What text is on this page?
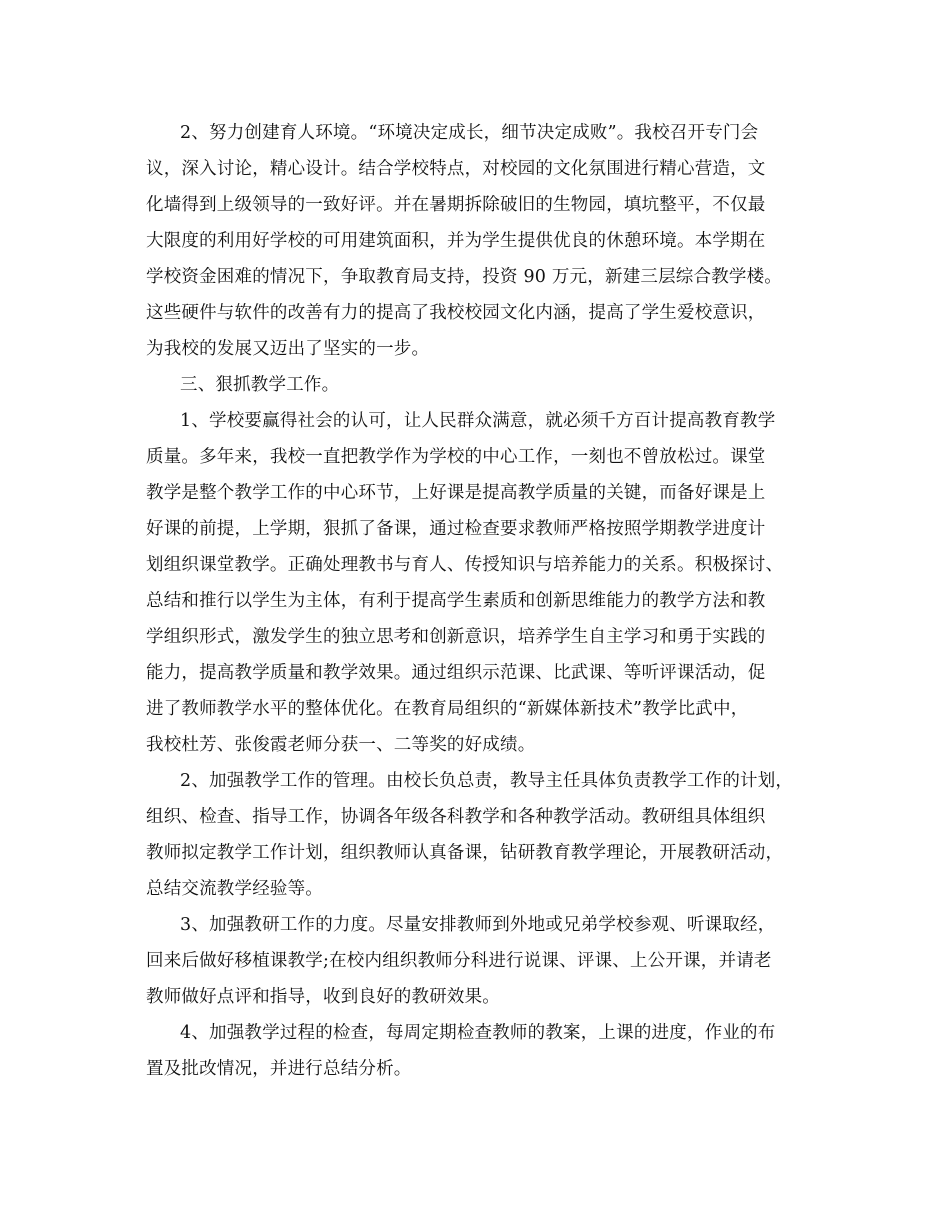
2、努力创建育人环境。“环境决定成长，细节决定成败”。我校召开专门会
议，深入讨论，精心设计。结合学校特点，对校园的文化氛围进行精心营造，文
化墙得到上级领导的一致好评。并在暑期拆除破旧的生物园，填坑整平，不仅最
大限度的利用好学校的可用建筑面积，并为学生提供优良的休憩环境。本学期在
学校资金困难的情况下，争取教育局支持，投资 90 万元，新建三层综合教学楼。
这些硬件与软件的改善有力的提高了我校校园文化内涵，提高了学生爱校意识，
为我校的发展又迈出了坚实的一步。
三、狠抓教学工作。
1、学校要赢得社会的认可，让人民群众满意，就必须千方百计提高教育教学
质量。多年来，我校一直把教学作为学校的中心工作，一刻也不曾放松过。课堂
教学是整个教学工作的中心环节，上好课是提高教学质量的关键，而备好课是上
好课的前提，上学期，狠抓了备课，通过检查要求教师严格按照学期教学进度计
划组织课堂教学。正确处理教书与育人、传授知识与培养能力的关系。积极探讨、
总结和推行以学生为主体，有利于提高学生素质和创新思维能力的教学方法和教
学组织形式，激发学生的独立思考和创新意识，培养学生自主学习和勇于实践的
能力，提高教学质量和教学效果。通过组织示范课、比武课、等听评课活动，促
进了教师教学水平的整体优化。在教育局组织的“新媒体新技术”教学比武中，
我校杜芳、张俊霞老师分获一、二等奖的好成绩。
2、加强教学工作的管理。由校长负总责，教导主任具体负责教学工作的计划，
组织、检查、指导工作，协调各年级各科教学和各种教学活动。教研组具体组织
教师拟定教学工作计划，组织教师认真备课，钻研教育教学理论，开展教研活动，
总结交流教学经验等。
3、加强教研工作的力度。尽量安排教师到外地或兄弟学校参观、听课取经，
回来后做好移植课教学;在校内组织教师分科进行说课、评课、上公开课，并请老
教师做好点评和指导，收到良好的教研效果。
4、加强教学过程的检查，每周定期检查教师的教案，上课的进度，作业的布
置及批改情况，并进行总结分析。
